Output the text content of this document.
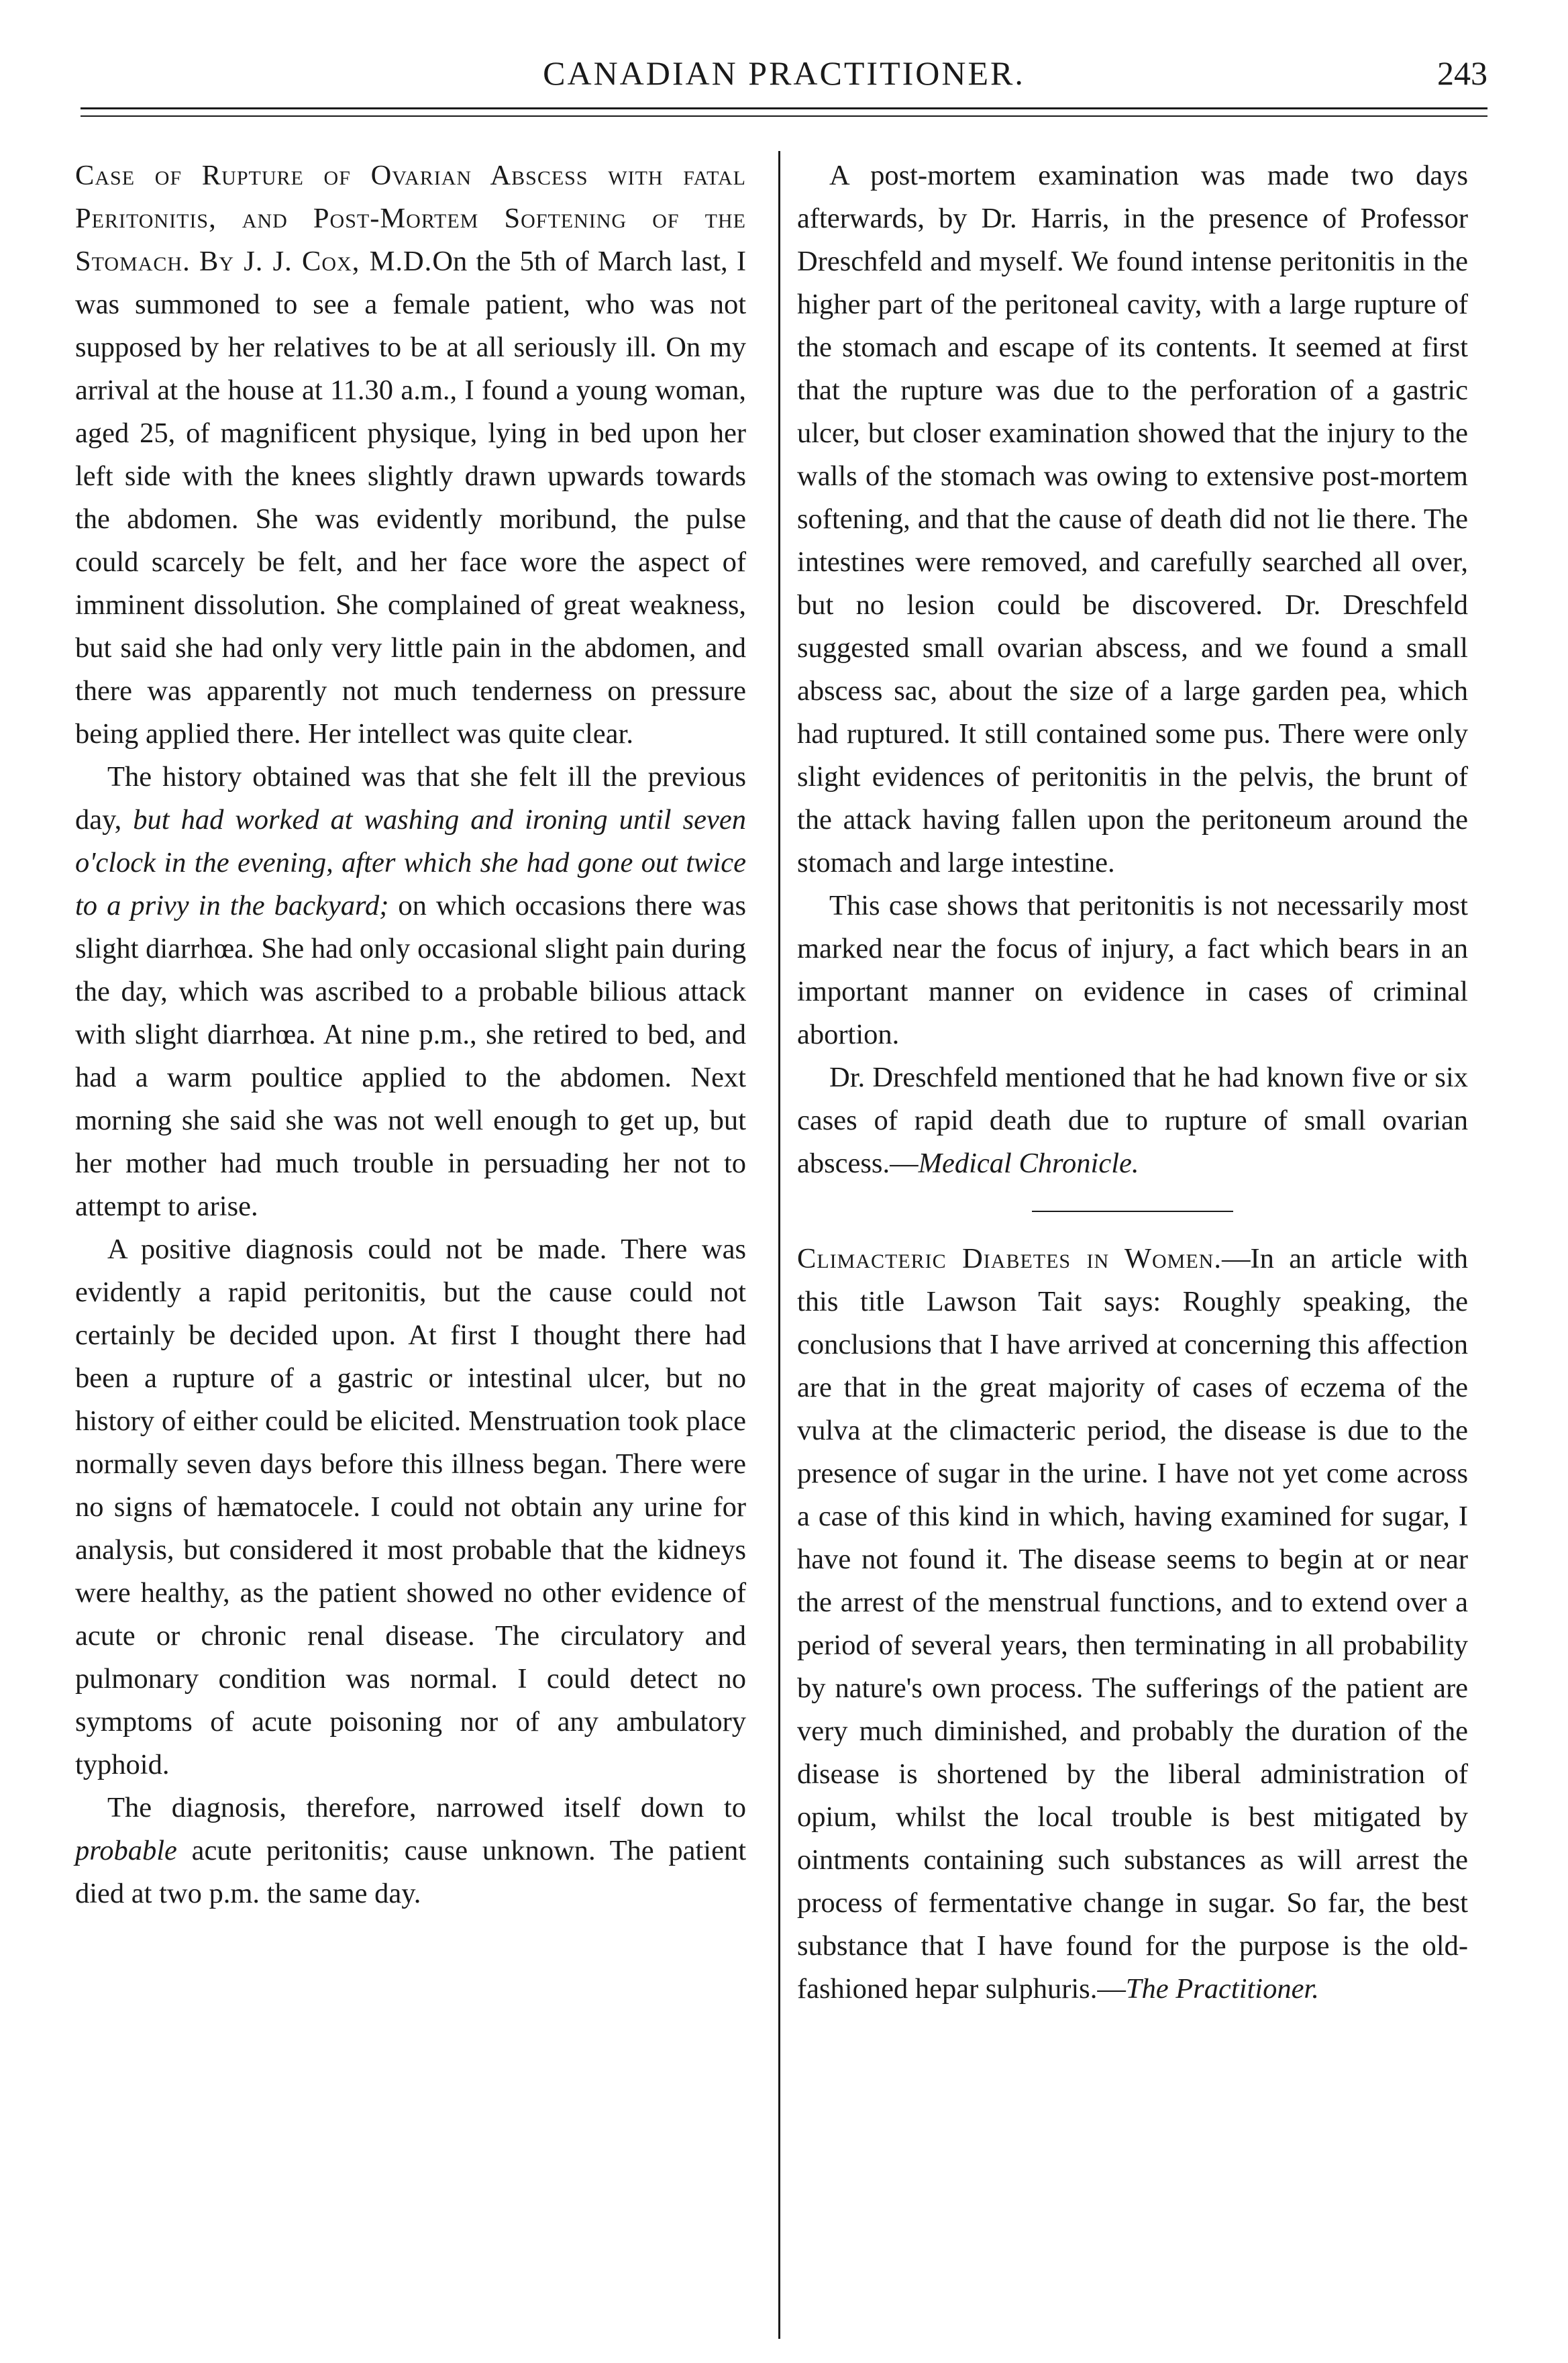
CANADIAN PRACTITIONER.	243

Case of Rupture of Ovarian Abscess with fatal Peritonitis, and Post-Mortem Softening of the Stomach. By J. J. Cox, M.D.On the 5th of March last, I was summoned to see a female patient, who was not supposed by her relatives to be at all seriously ill. On my arrival at the house at 11.30 a.m., I found a young woman, aged 25, of magnificent physique, lying in bed upon her left side with the knees slightly drawn upwards towards the abdomen. She was evidently moribund, the pulse could scarcely be felt, and her face wore the aspect of imminent dissolution. She complained of great weakness, but said she had only very little pain in the abdomen, and there was apparently not much tenderness on pressure being applied there. Her intellect was quite clear.

The history obtained was that she felt ill the previous day, but had worked at washing and ironing until seven o'clock in the evening, after which she had gone out twice to a privy in the backyard; on which occasions there was slight diarrhœa. She had only occasional slight pain during the day, which was ascribed to a probable bilious attack with slight diarrhœa. At nine p.m., she retired to bed, and had a warm poultice applied to the abdomen. Next morning she said she was not well enough to get up, but her mother had much trouble in persuading her not to attempt to arise.

A positive diagnosis could not be made. There was evidently a rapid peritonitis, but the cause could not certainly be decided upon. At first I thought there had been a rupture of a gastric or intestinal ulcer, but no history of either could be elicited. Menstruation took place normally seven days before this illness began. There were no signs of hæmatocele. I could not obtain any urine for analysis, but considered it most probable that the kidneys were healthy, as the patient showed no other evidence of acute or chronic renal disease. The circulatory and pulmonary condition was normal. I could detect no symptoms of acute poisoning nor of any ambulatory typhoid.

The diagnosis, therefore, narrowed itself down to probable acute peritonitis; cause unknown. The patient died at two p.m. the same day.

A post-mortem examination was made two days afterwards, by Dr. Harris, in the presence of Professor Dreschfeld and myself. We found intense peritonitis in the higher part of the peritoneal cavity, with a large rupture of the stomach and escape of its contents. It seemed at first that the rupture was due to the perforation of a gastric ulcer, but closer examination showed that the injury to the walls of the stomach was owing to extensive post-mortem softening, and that the cause of death did not lie there. The intestines were removed, and carefully searched all over, but no lesion could be discovered. Dr. Dreschfeld suggested small ovarian abscess, and we found a small abscess sac, about the size of a large garden pea, which had ruptured. It still contained some pus. There were only slight evidences of peritonitis in the pelvis, the brunt of the attack having fallen upon the peritoneum around the stomach and large intestine.

This case shows that peritonitis is not necessarily most marked near the focus of injury, a fact which bears in an important manner on evidence in cases of criminal abortion.

Dr. Dreschfeld mentioned that he had known five or six cases of rapid death due to rupture of small ovarian abscess.—Medical Chronicle.

Climacteric Diabetes in Women.—In an article with this title Lawson Tait says: Roughly speaking, the conclusions that I have arrived at concerning this affection are that in the great majority of cases of eczema of the vulva at the climacteric period, the disease is due to the presence of sugar in the urine. I have not yet come across a case of this kind in which, having examined for sugar, I have not found it. The disease seems to begin at or near the arrest of the menstrual functions, and to extend over a period of several years, then terminating in all probability by nature's own process. The sufferings of the patient are very much diminished, and probably the duration of the disease is shortened by the liberal administration of opium, whilst the local trouble is best mitigated by ointments containing such substances as will arrest the process of fermentative change in sugar. So far, the best substance that I have found for the purpose is the old-fashioned hepar sulphuris.—The Practitioner.
